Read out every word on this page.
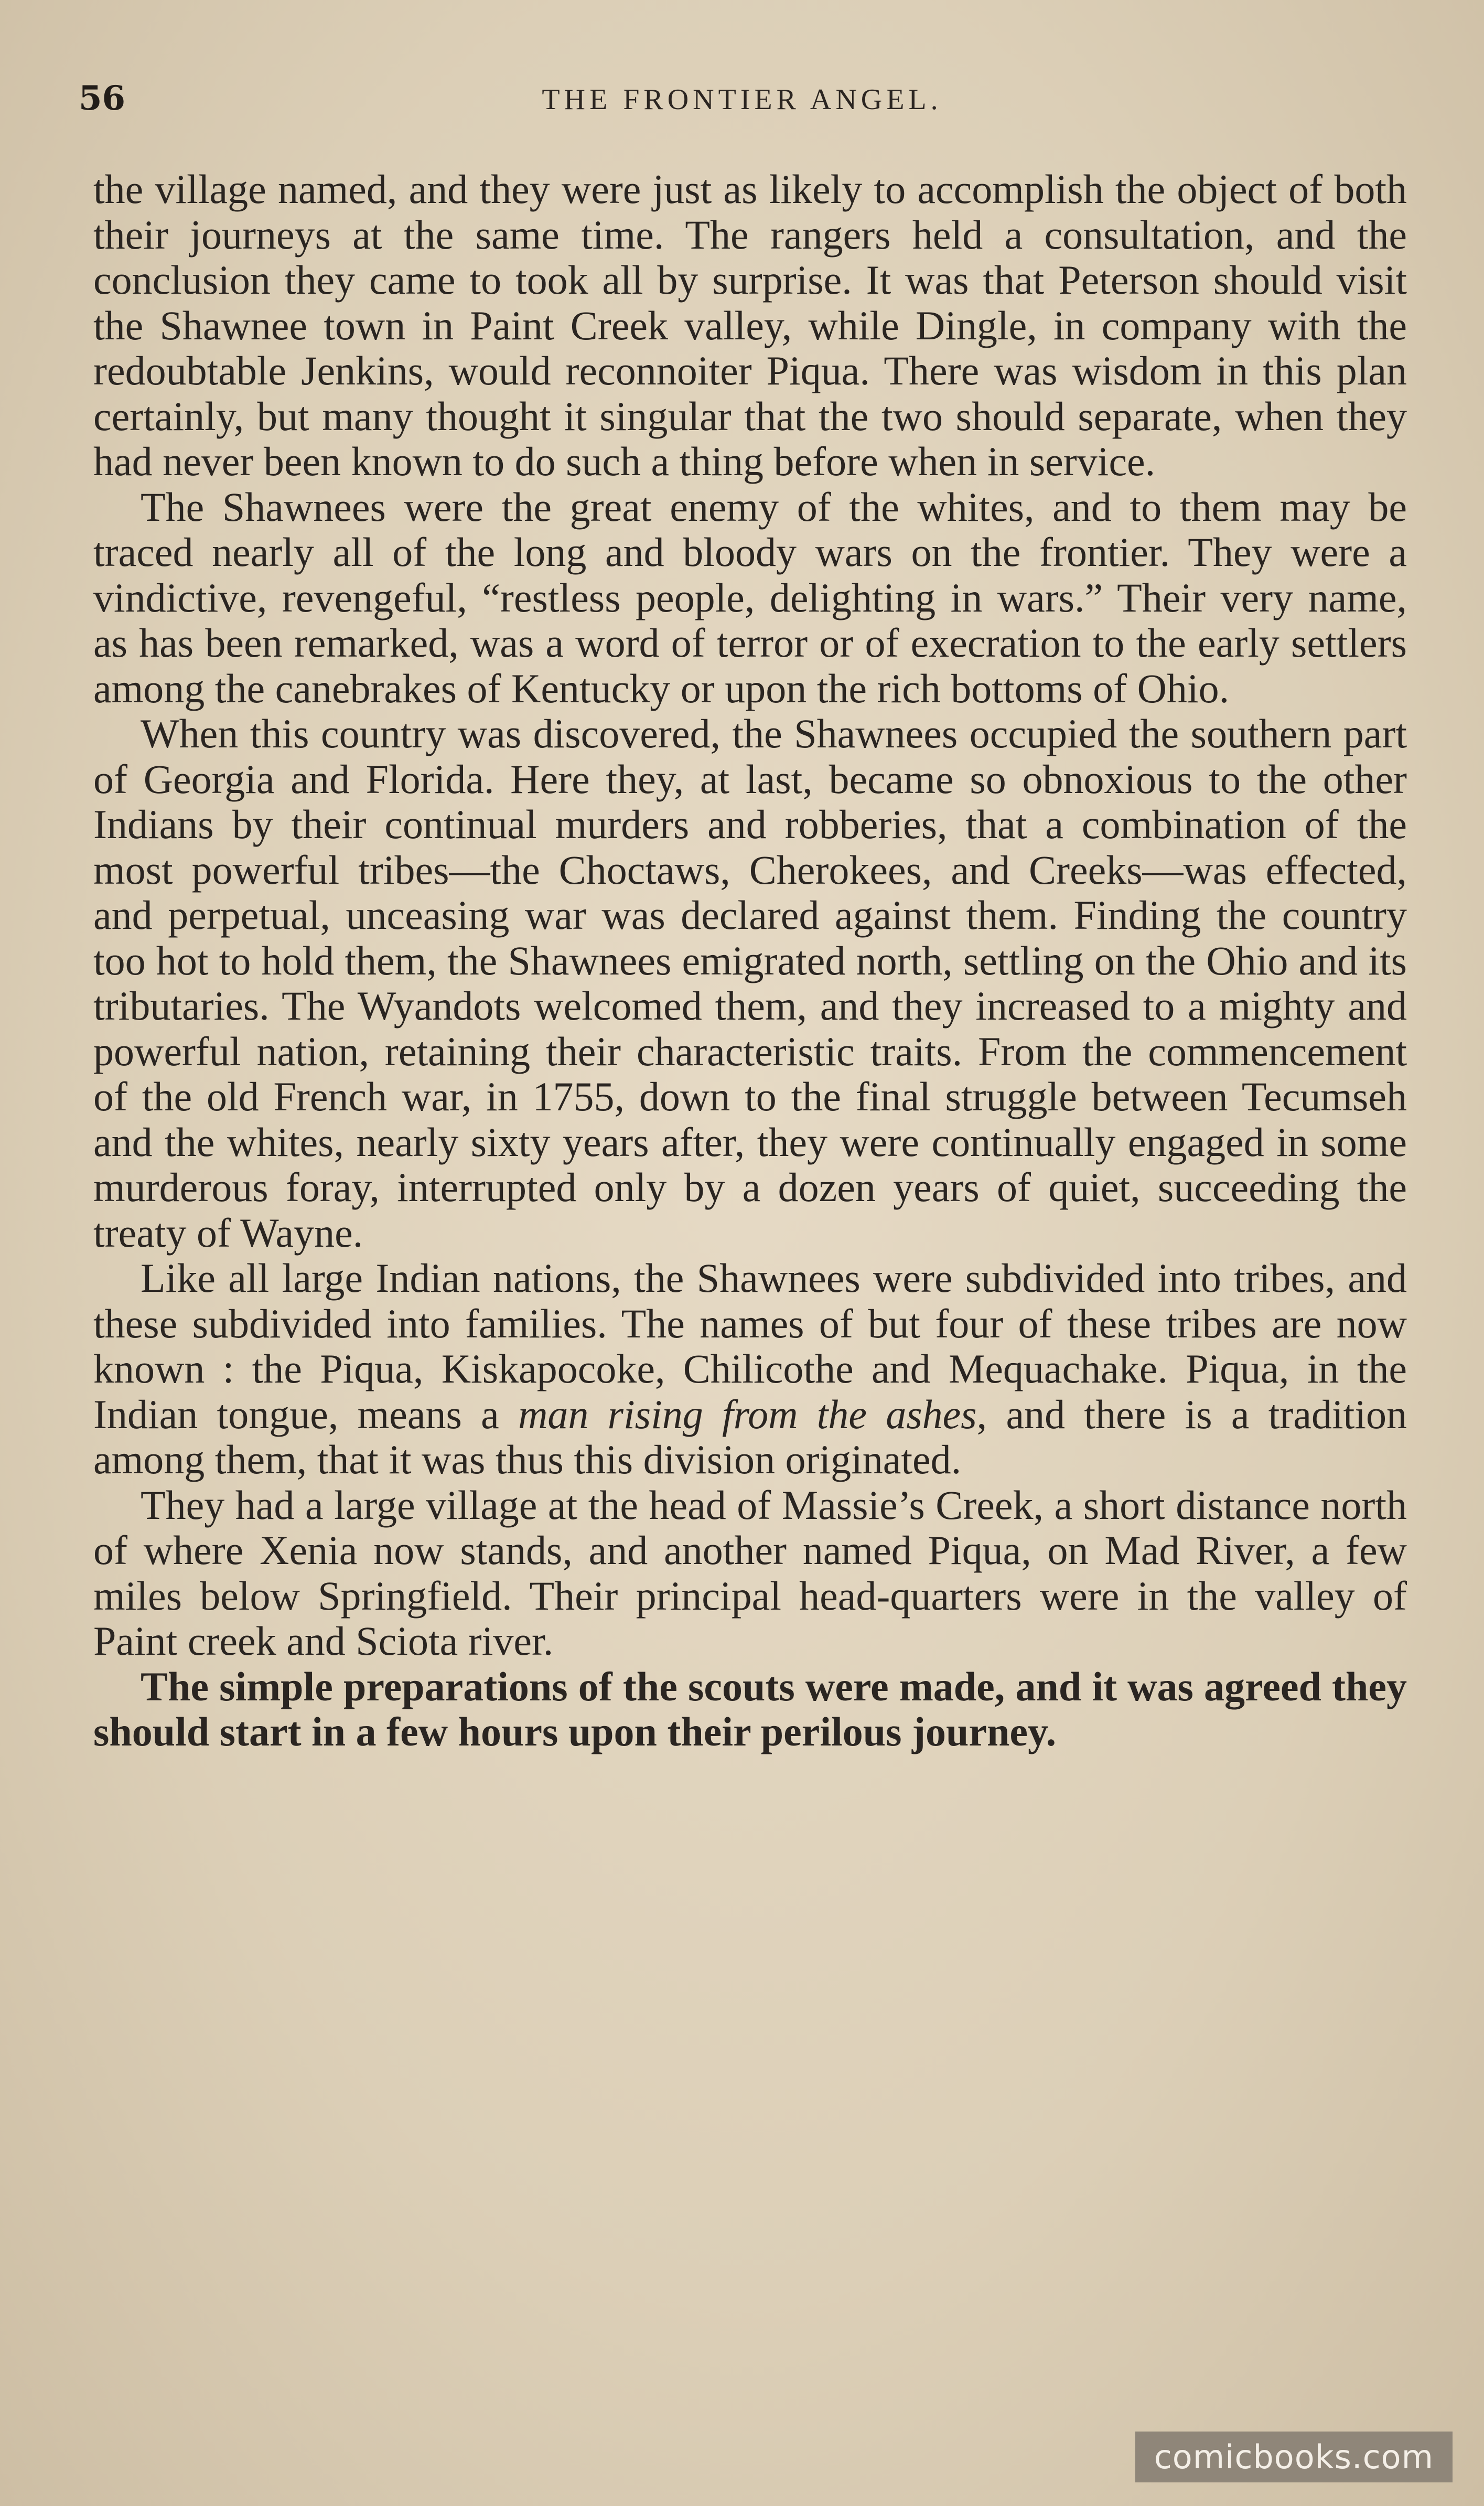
56	THE FRONTIER ANGEL.

the village named, and they were just as likely to accomplish the object of both their journeys at the same time. The rangers held a consultation, and the conclusion they came to took all by surprise. It was that Peterson should visit the Shawnee town in Paint Creek valley, while Dingle, in company with the redoubtable Jenkins, would reconnoiter Piqua. There was wisdom in this plan certainly, but many thought it singular that the two should separate, when they had never been known to do such a thing before when in service.

The Shawnees were the great enemy of the whites, and to them may be traced nearly all of the long and bloody wars on the frontier. They were a vindictive, revengeful, “restless people, delighting in wars.” Their very name, as has been remarked, was a word of terror or of execration to the early settlers among the canebrakes of Kentucky or upon the rich bottoms of Ohio.

When this country was discovered, the Shawnees occupied the southern part of Georgia and Florida. Here they, at last, became so obnoxious to the other Indians by their continual murders and robberies, that a combination of the most powerful tribes—the Choctaws, Cherokees, and Creeks—was effected, and perpetual, unceasing war was declared against them. Finding the country too hot to hold them, the Shawnees emigrated north, settling on the Ohio and its tributaries. The Wyandots welcomed them, and they increased to a mighty and powerful nation, retaining their characteristic traits. From the commencement of the old French war, in 1755, down to the final struggle between Tecumseh and the whites, nearly sixty years after, they were continually engaged in some murderous foray, interrupted only by a dozen years of quiet, succeeding the treaty of Wayne.

Like all large Indian nations, the Shawnees were subdivided into tribes, and these subdivided into families. The names of but four of these tribes are now known : the Piqua, Kiskapocoke, Chilicothe and Mequachake. Piqua, in the Indian tongue, means a man rising from the ashes, and there is a tradition among them, that it was thus this division originated.

They had a large village at the head of Massie’s Creek, a short distance north of where Xenia now stands, and another named Piqua, on Mad River, a few miles below Springfield. Their principal head-quarters were in the valley of Paint creek and Sciota river.

The simple preparations of the scouts were made, and it was agreed they should start in a few hours upon their perilous journey.

comicbooks.com
